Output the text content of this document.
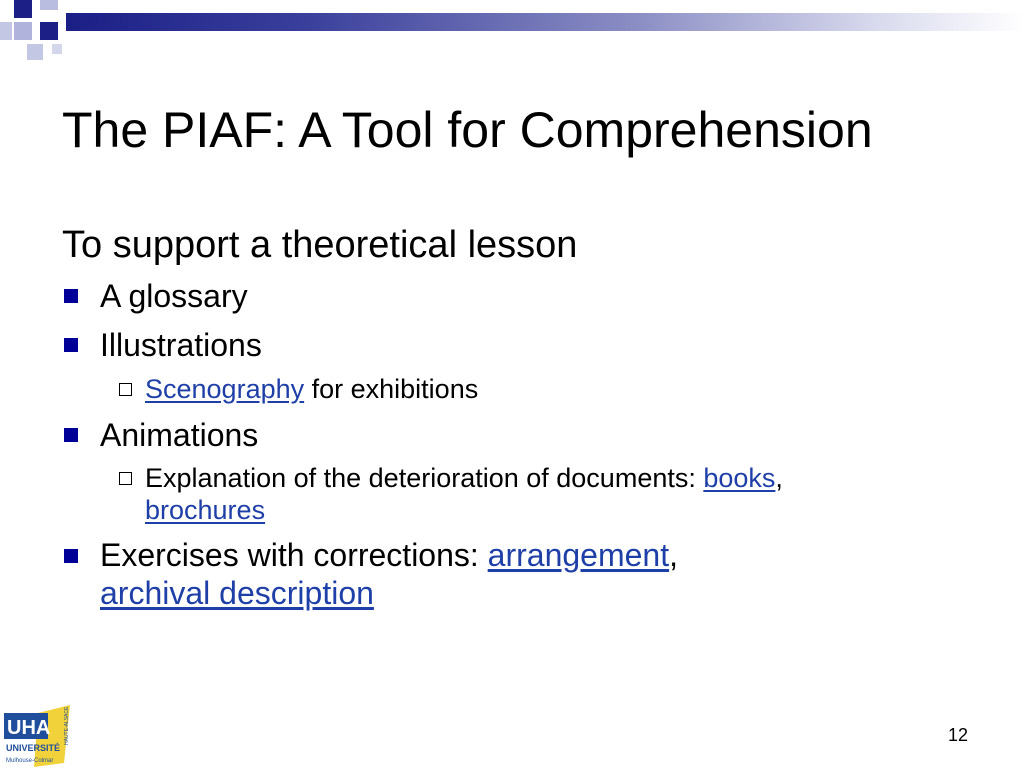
The PIAF: A Tool for Comprehension
To support a theoretical lesson
A glossary
Illustrations
Scenography for exhibitions
Animations
Explanation of the deterioration of documents: books,
brochures
Exercises with corrections: arrangement,
archival description
UHA
UNIVERSITÉ
Mulhouse-Colmar
HAUTE-ALSACE	12
